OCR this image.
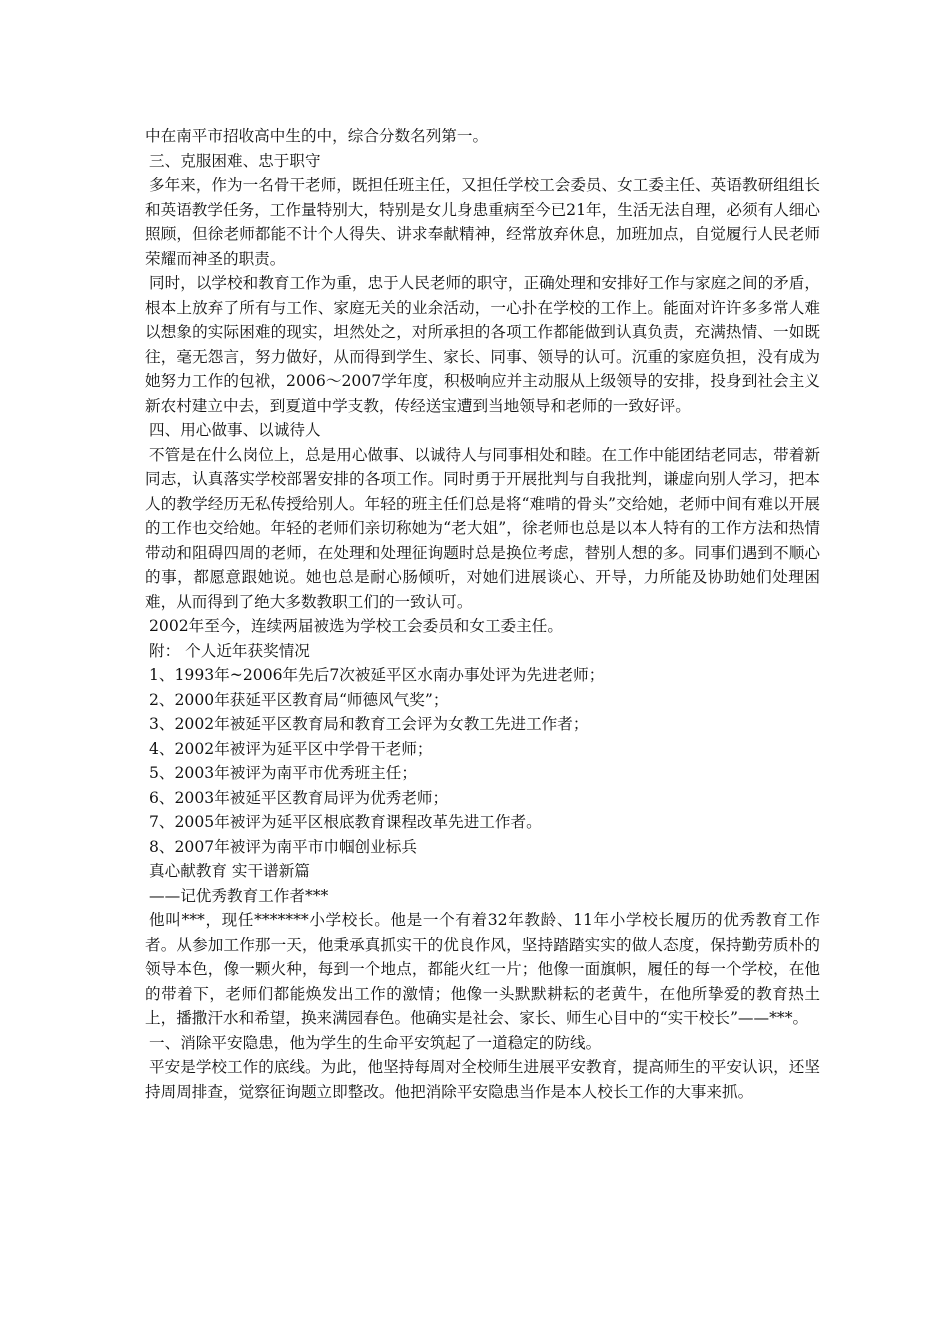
中在南平市招收高中生的中，综合分数名列第一。

三、克服困难、忠于职守

多年来，作为一名骨干老师，既担任班主任，又担任学校工会委员、女工委主任、英语教研组组长和英语教学任务，工作量特别大，特别是女儿身患重病至今已21年，生活无法自理，必须有人细心照顾，但徐老师都能不计个人得失、讲求奉献精神，经常放弃休息，加班加点，自觉履行人民老师荣耀而神圣的职责。

同时，以学校和教育工作为重，忠于人民老师的职守，正确处理和安排好工作与家庭之间的矛盾，根本上放弃了所有与工作、家庭无关的业余活动，一心扑在学校的工作上。能面对许许多多常人难以想象的实际困难的现实，坦然处之，对所承担的各项工作都能做到认真负责，充满热情、一如既往，毫无怨言，努力做好，从而得到学生、家长、同事、领导的认可。沉重的家庭负担，没有成为她努力工作的包袱，2006～2007学年度，积极响应并主动服从上级领导的安排，投身到社会主义新农村建立中去，到夏道中学支教，传经送宝遭到当地领导和老师的一致好评。

四、用心做事、以诚待人

不管是在什么岗位上，总是用心做事、以诚待人与同事相处和睦。在工作中能团结老同志，带着新同志，认真落实学校部署安排的各项工作。同时勇于开展批判与自我批判，谦虚向别人学习，把本人的教学经历无私传授给别人。年轻的班主任们总是将“难啃的骨头”交给她，老师中间有难以开展的工作也交给她。年轻的老师们亲切称她为“老大姐”，徐老师也总是以本人特有的工作方法和热情带动和阻碍四周的老师，在处理和处理征询题时总是换位考虑，替别人想的多。同事们遇到不顺心的事，都愿意跟她说。她也总是耐心肠倾听，对她们进展谈心、开导，力所能及协助她们处理困难，从而得到了绝大多数教职工们的一致认可。

2002年至今，连续两届被选为学校工会委员和女工委主任。

附： 个人近年获奖情况

1、1993年~2006年先后7次被延平区水南办事处评为先进老师；

2、2000年获延平区教育局“师德风气奖”；

3、2002年被延平区教育局和教育工会评为女教工先进工作者；

4、2002年被评为延平区中学骨干老师；

5、2003年被评为南平市优秀班主任；

6、2003年被延平区教育局评为优秀老师；

7、2005年被评为延平区根底教育课程改革先进工作者。

8、2007年被评为南平市巾帼创业标兵

真心献教育 实干谱新篇

——记优秀教育工作者***

他叫***，现任*******小学校长。他是一个有着32年教龄、11年小学校长履历的优秀教育工作者。从参加工作那一天，他秉承真抓实干的优良作风，坚持踏踏实实的做人态度，保持勤劳质朴的领导本色，像一颗火种，每到一个地点，都能火红一片；他像一面旗帜，履任的每一个学校，在他的带着下，老师们都能焕发出工作的激情；他像一头默默耕耘的老黄牛，在他所挚爱的教育热土上，播撒汗水和希望，换来满园春色。他确实是社会、家长、师生心目中的“实干校长”——***。

一、消除平安隐患，他为学生的生命平安筑起了一道稳定的防线。

平安是学校工作的底线。为此，他坚持每周对全校师生进展平安教育，提高师生的平安认识，还坚持周周排查，觉察征询题立即整改。他把消除平安隐患当作是本人校长工作的大事来抓。
